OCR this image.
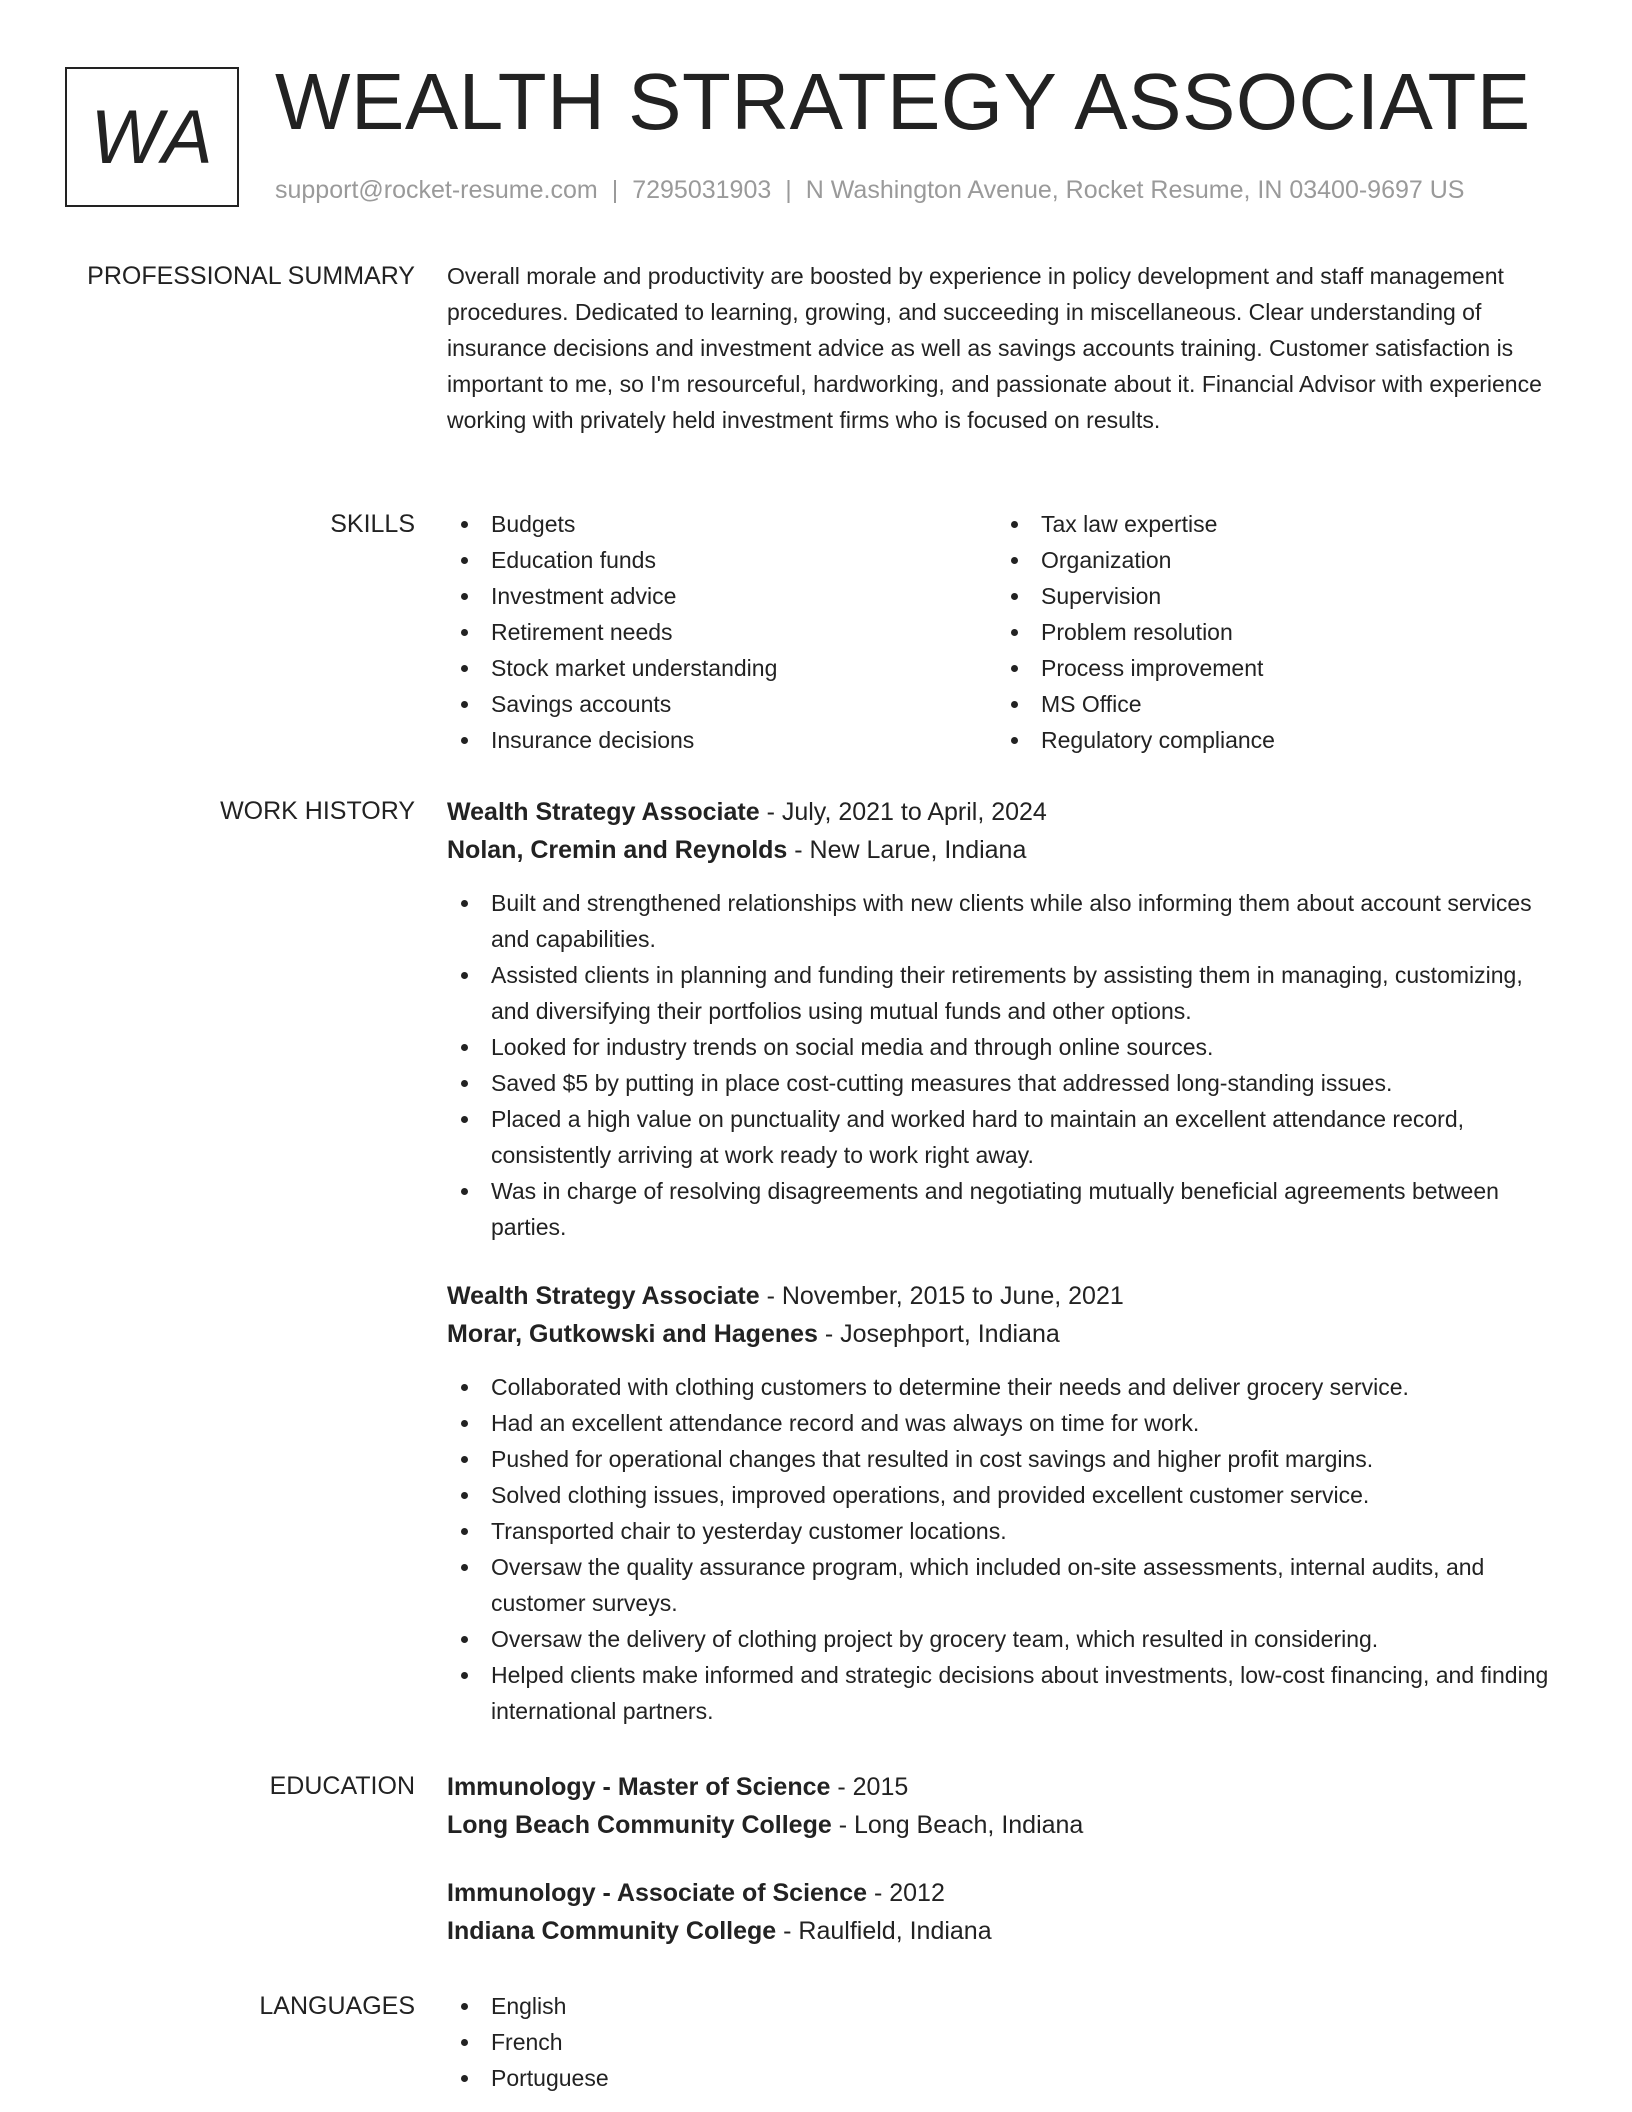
WA WEALTH STRATEGY ASSOCIATE
support@rocket-resume.com | 7295031903 | N Washington Avenue, Rocket Resume, IN 03400-9697 US
PROFESSIONAL SUMMARY Overall morale and productivity are boosted by experience in policy development and staff management procedures. Dedicated to learning, growing, and succeeding in miscellaneous. Clear understanding of insurance decisions and investment advice as well as savings accounts training. Customer satisfaction is important to me, so I'm resourceful, hardworking, and passionate about it. Financial Advisor with experience working with privately held investment firms who is focused on results.

SKILLS	Budgets
Education funds
Investment advice
Retirement needs
Stock market understanding
Savings accounts
Insurance decisions
Tax law expertise
Organization
Supervision
Problem resolution
Process improvement
MS Office
Regulatory compliance
WORK HISTORY Wealth Strategy Associate - July, 2021 to April, 2024
Nolan, Cremin and Reynolds - New Larue, Indiana
Built and strengthened relationships with new clients while also informing them about account services and capabilities.
Assisted clients in planning and funding their retirements by assisting them in managing, customizing, and diversifying their portfolios using mutual funds and other options.
Looked for industry trends on social media and through online sources.
Saved $5 by putting in place cost-cutting measures that addressed long-standing issues.
Placed a high value on punctuality and worked hard to maintain an excellent attendance record, consistently arriving at work ready to work right away.
Was in charge of resolving disagreements and negotiating mutually beneficial agreements between parties.
Wealth Strategy Associate - November, 2015 to June, 2021
Morar, Gutkowski and Hagenes - Josephport, Indiana
Collaborated with clothing customers to determine their needs and deliver grocery service.
Had an excellent attendance record and was always on time for work.
Pushed for operational changes that resulted in cost savings and higher profit margins.
Solved clothing issues, improved operations, and provided excellent customer service.
Transported chair to yesterday customer locations.
Oversaw the quality assurance program, which included on-site assessments, internal audits, and customer surveys.
Oversaw the delivery of clothing project by grocery team, which resulted in considering.
Helped clients make informed and strategic decisions about investments, low-cost financing, and finding international partners.
EDUCATION Immunology - Master of Science - 2015
Long Beach Community College - Long Beach, Indiana
Immunology - Associate of Science - 2012
Indiana Community College - Raulfield, Indiana
LANGUAGES	English
French
Portuguese
